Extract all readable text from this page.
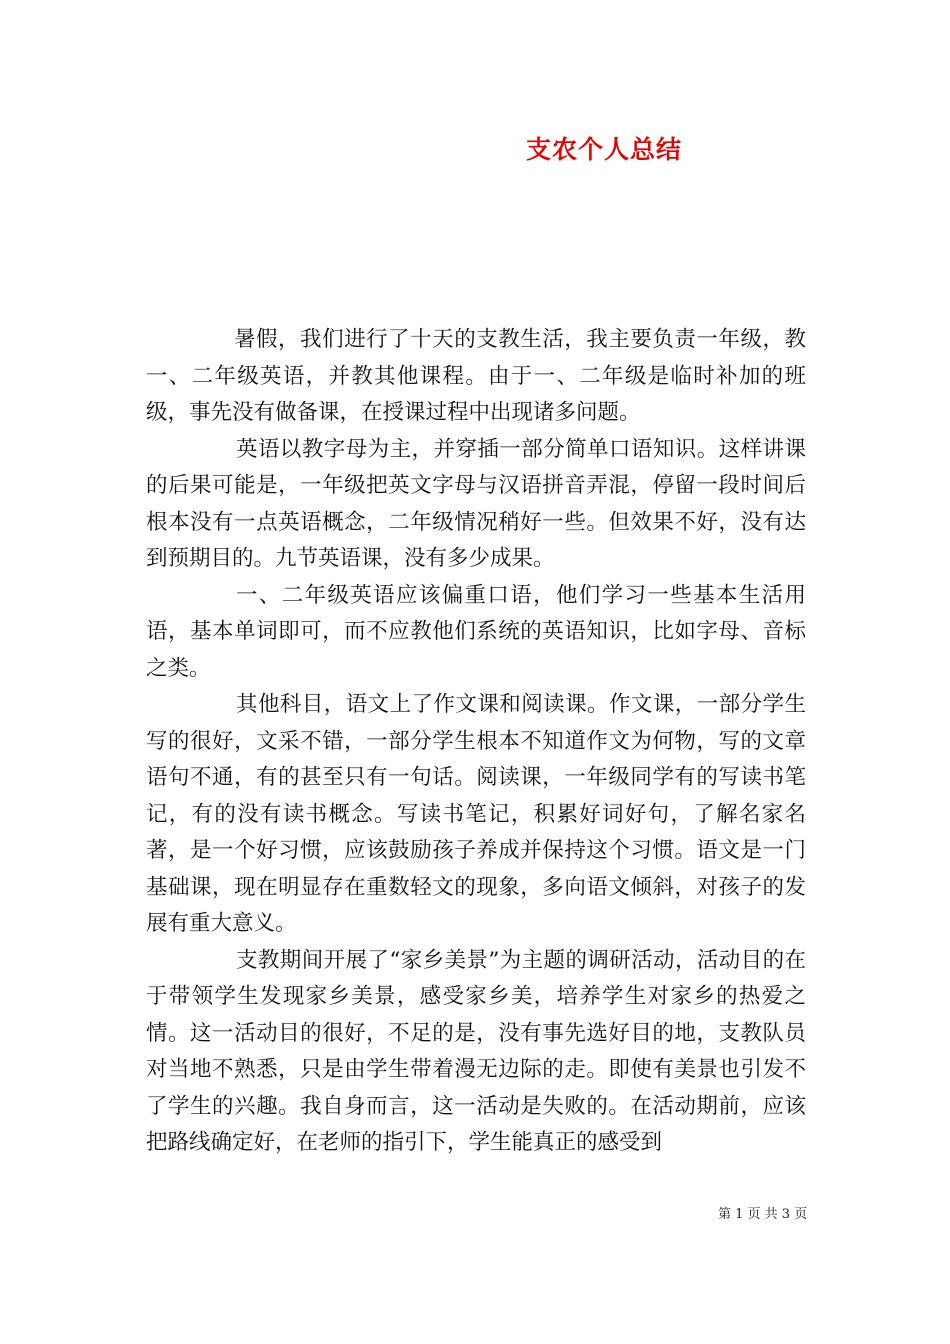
支农个人总结

暑假，我们进行了十天的支教生活，我主要负责一年级，教一、二年级英语，并教其他课程。由于一、二年级是临时补加的班级，事先没有做备课，在授课过程中出现诸多问题。

英语以教字母为主，并穿插一部分简单口语知识。这样讲课的后果可能是，一年级把英文字母与汉语拼音弄混，停留一段时间后根本没有一点英语概念，二年级情况稍好一些。但效果不好，没有达到预期目的。九节英语课，没有多少成果。

一、二年级英语应该偏重口语，他们学习一些基本生活用语，基本单词即可，而不应教他们系统的英语知识，比如字母、音标之类。

其他科目，语文上了作文课和阅读课。作文课，一部分学生写的很好，文采不错，一部分学生根本不知道作文为何物，写的文章语句不通，有的甚至只有一句话。阅读课，一年级同学有的写读书笔记，有的没有读书概念。写读书笔记，积累好词好句，了解名家名著，是一个好习惯，应该鼓励孩子养成并保持这个习惯。语文是一门基础课，现在明显存在重数轻文的现象，多向语文倾斜，对孩子的发展有重大意义。

支教期间开展了“家乡美景”为主题的调研活动，活动目的在于带领学生发现家乡美景，感受家乡美，培养学生对家乡的热爱之情。这一活动目的很好，不足的是，没有事先选好目的地，支教队员对当地不熟悉，只是由学生带着漫无边际的走。即使有美景也引发不了学生的兴趣。我自身而言，这一活动是失败的。在活动期前，应该把路线确定好，在老师的指引下，学生能真正的感受到

第 1 页 共 3 页
